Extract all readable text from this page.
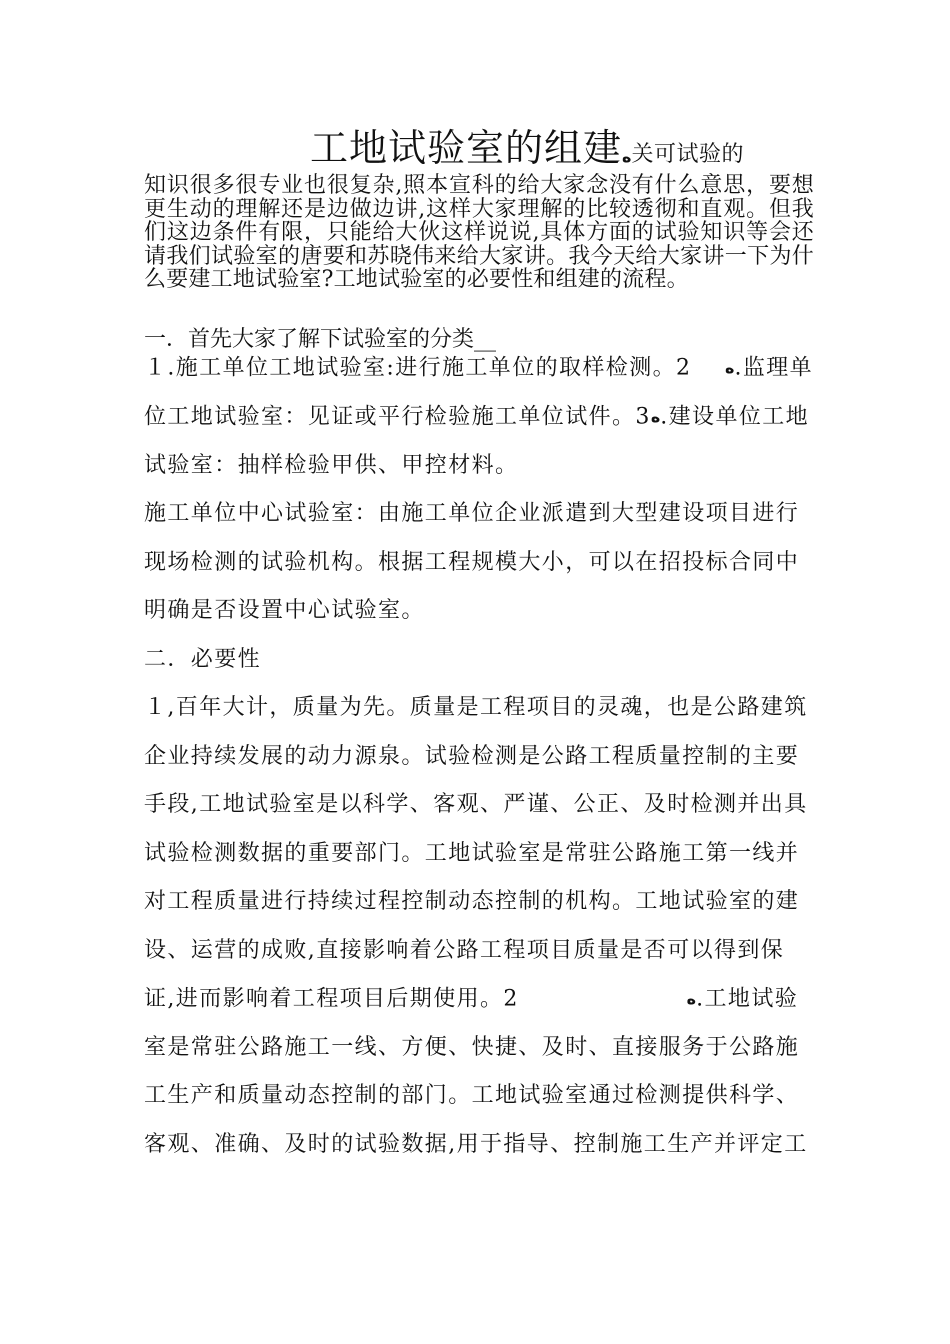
工地试验室的组建ﻩ关可试验的
知识很多很专业也很复杂,照本宣科的给大家念没有什么意思，要想更生动的理解还是边做边讲,这样大家理解的比较透彻和直观。但我们这边条件有限，只能给大伙这样说说,具体方面的试验知识等会还请我们试验室的唐要和苏晓伟来给大家讲。我今天给大家讲一下为什么要建工地试验室?工地试验室的必要性和组建的流程。
一．首先大家了解下试验室的分类__

１.施工单位工地试验室:进行施工单位的取样检测。2 ﻩ.监理单位工地试验室：见证或平行检验施工单位试件。3ﻩ.建设单位工地试验室：抽样检验甲供、甲控材料。

施工单位中心试验室：由施工单位企业派遣到大型建设项目进行现场检测的试验机构。根据工程规模大小，可以在招投标合同中明确是否设置中心试验室。

二．必要性

１,百年大计，质量为先。质量是工程项目的灵魂，也是公路建筑企业持续发展的动力源泉。试验检测是公路工程质量控制的主要手段,工地试验室是以科学、客观、严谨、公正、及时检测并出具试验检测数据的重要部门。工地试验室是常驻公路施工第一线并对工程质量进行持续过程控制动态控制的机构。工地试验室的建设、运营的成败,直接影响着公路工程项目质量是否可以得到保证,进而影响着工程项目后期使用。2	ﻩ.工地试验室是常驻公路施工一线、方便、快捷、及时、直接服务于公路施工生产和质量动态控制的部门。工地试验室通过检测提供科学、客观、准确、及时的试验数据,用于指导、控制施工生产并评定工
